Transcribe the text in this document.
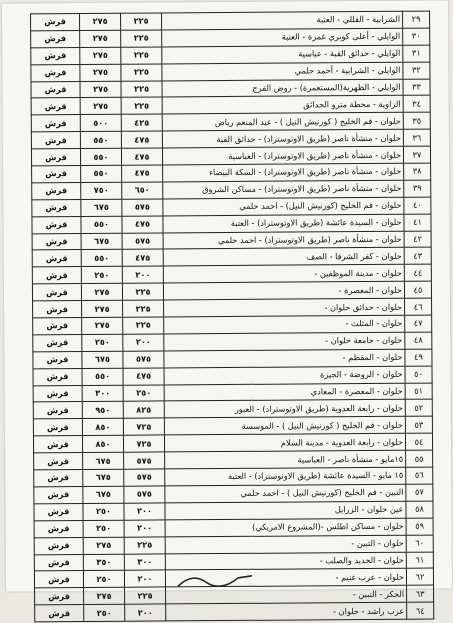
قرش	٢٧٥	٢٢٥	الشرابية - القللي - العتبة	٢٩
قرش	٢٧٥	٢٢٥	الوايلي - أعلى كوبري غمرة - العتبة	٣٠
قرش	٢٧٥	٢٢٥	الوايلي - حدائق القبة - عباسية	٣١
قرش	٢٧٥	٢٢٥	الوايلي - الشرابية - أحمد حلمي	٣٢
قرش	٢٧٥	٢٢٥	الوايلي - الظهرية(المستعمرة) - روض الفرج	٣٣
قرش	٢٧٥	٢٢٥	الزاوية - محطة مترو الحدائق	٣٤
قرش	٥٠٠	٤٢٥	حلوان - فم الخليج ( كورنيش النيل ) - عبد المنعم رياض	٣٥
قرش	٥٥٠	٤٧٥	حلوان - منشأة ناصر (طريق الاوتوستراد) - حدائق القبة	٣٦
قرش	٥٥٠	٤٧٥	حلوان - منشأة ناصر (طريق الاوتوستراد) - العباسية	٣٧
قرش	٥٥٠	٤٧٥	حلوان - منشأة ناصر (طريق الاوتوستراد) - السكة البيضاء	٣٨
قرش	٧٥٠	٦٥٠	حلوان - منشأة ناصر (طريق الاوتوستراد) - مساكن الشروق	٣٩
قرش	٦٧٥	٥٧٥	حلوان - فم الخليج (كورنيش النيل) - احمد حلمي	٤٠
قرش	٥٥٠	٤٧٥	حلوان - السيدة عائشة (طريق الاوتوستراد) - العتبة	٤١
قرش	٦٧٥	٥٧٥	حلوان - منشأة ناصر (طريق الاوتوستراد) - احمد حلمي	٤٢
قرش	٥٥٠	٤٧٥	حلوان - كفر الشرفا - الصف	٤٣
قرش	٢٥٠	٢٠٠	حلوان - مدينة الموظفين -	٤٤
قرش	٢٧٥	٢٢٥	حلوان - المعصرة -	٤٥
قرش	٢٧٥	٢٢٥	حلوان - حدائق حلوان -	٤٦
قرش	٢٧٥	٢٢٥	حلوان - المثلث -	٤٧
قرش	٢٥٠	٢٠٠	حلوان - جامعة حلوان -	٤٨
قرش	٦٧٥	٥٧٥	حلوان - المقطم -	٤٩
قرش	٥٥٠	٤٧٥	حلوان - الروضة - الجيزة	٥٠
قرش	٣٠٠	٢٥٠	حلوان - المعصرة - المعادي	٥١
قرش	٩٥٠	٨٢٥	حلوان - رابعة العدوية (طريق الاوتوستراد) - العبور	٥٢
قرش	٨٥٠	٧٢٥	حلوان - فم الخليج ( كورنيش النيل ) - الموسسة	٥٣
قرش	٨٥٠	٧٢٥	حلوان - رابعة العدوية - مدينة السلام	٥٤
قرش	٦٧٥	٥٧٥	١٥مايو - منشأة ناصر - العباسية	٥٥
قرش	٦٧٥	٥٧٥	١٥ مايو - السيدة عائشة (طريق الاوتوستراد) - العتبة	٥٦
قرش	٦٧٥	٥٧٥	التبين - فم الخليج (كورنيش النيل ) - احمد حلمي	٥٧
قرش	٢٥٠	٢٠٠	عين حلوان - الزرايل	٥٨
قرش	٢٥٠	٢٠٠	حلوان - مساكن اطلس -(المشروع الامريكي)	٥٩
قرش	٢٧٥	٢٢٥	حلوان - التبين -	٦٠
قرش	٣٥٠	٣٠٠	حلوان - الحديد والصلب -	٦١
قرش	٢٥٠	٢٠٠	حلوان - عرب غنيم -	٦٢
قرش	٢٧٥	٢٢٥	الحكر - التبين -	٦٣
قرش	٢٥٠	٢٠٠	عرب راشد - حلوان -	٦٤
